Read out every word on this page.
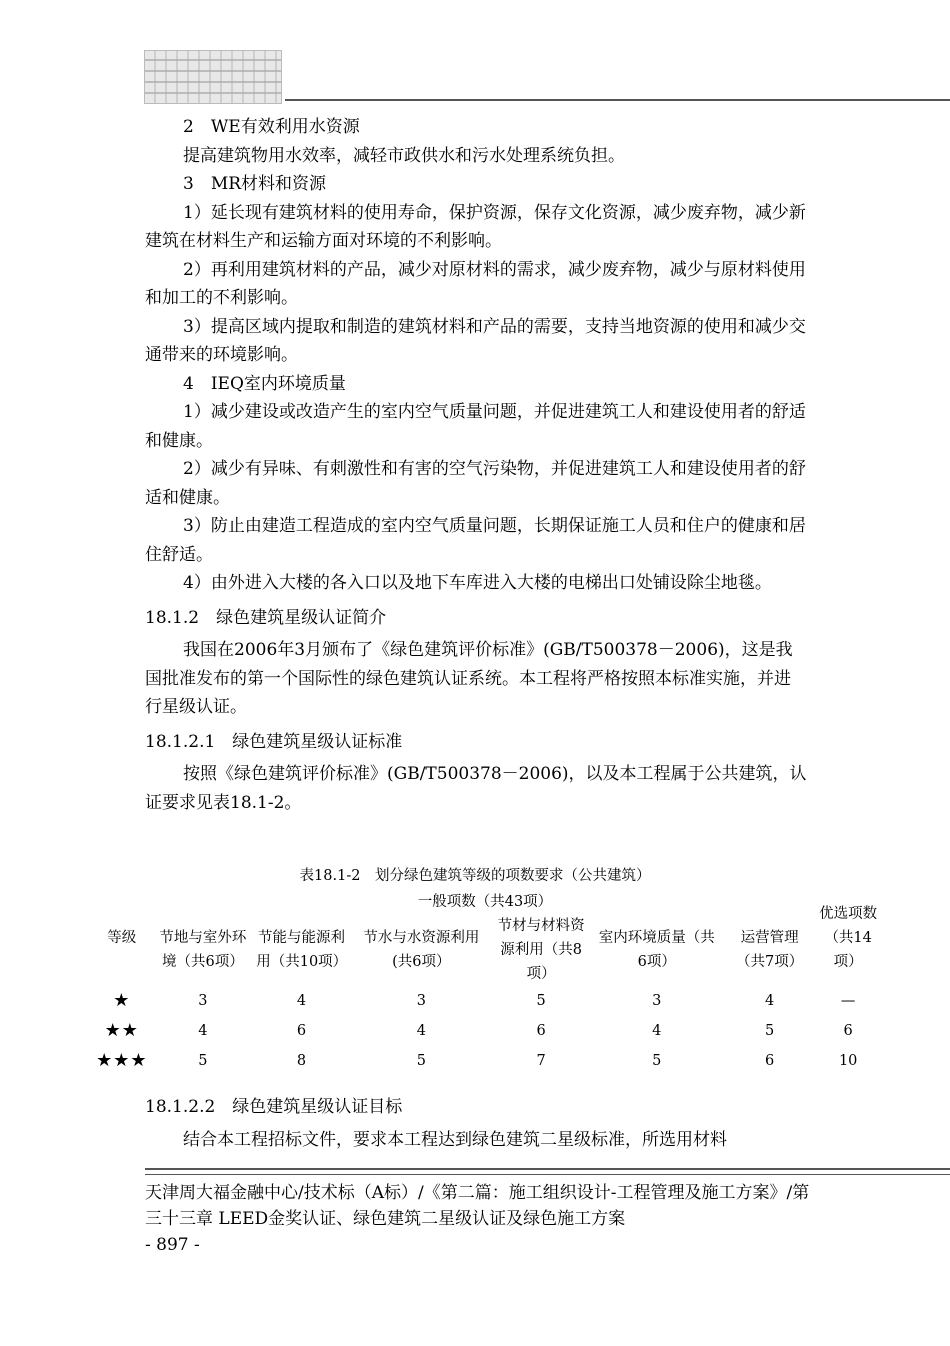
2　WE有效利用水资源

提高建筑物用水效率，减轻市政供水和污水处理系统负担。

3　MR材料和资源

1）延长现有建筑材料的使用寿命，保护资源，保存文化资源，减少废弃物，减少新建筑在材料生产和运输方面对环境的不利影响。

2）再利用建筑材料的产品，减少对原材料的需求，减少废弃物，减少与原材料使用和加工的不利影响。

3）提高区域内提取和制造的建筑材料和产品的需要，支持当地资源的使用和减少交通带来的环境影响。

4　IEQ室内环境质量

1）减少建设或改造产生的室内空气质量问题，并促进建筑工人和建设使用者的舒适和健康。

2）减少有异味、有刺激性和有害的空气污染物，并促进建筑工人和建设使用者的舒适和健康。

3）防止由建造工程造成的室内空气质量问题，长期保证施工人员和住户的健康和居住舒适。

4）由外进入大楼的各入口以及地下车库进入大楼的电梯出口处铺设除尘地毯。

18.1.2　绿色建筑星级认证简介

我国在2006年3月颁布了《绿色建筑评价标准》(GB/T500378－2006)，这是我国批准发布的第一个国际性的绿色建筑认证系统。本工程将严格按照本标准实施，并进行星级认证。

18.1.2.1　绿色建筑星级认证标准

按照《绿色建筑评价标准》(GB/T500378－2006)，以及本工程属于公共建筑，认证要求见表18.1-2。

表18.1-2　划分绿色建筑等级的项数要求（公共建筑）
等级	一般项数（共43项）						优选项数（共14项）
	节地与室外环境（共6项）	节能与能源利用（共10项）	节水与水资源利用(共6项）	节材与材料资源利用（共8项）	室内环境质量（共6项）	运营管理（共7项）	
★	3	4	3	5	3	4	—
★★	4	6	4	6	4	5	6
★★★	5	8	5	7	5	6	10
18.1.2.2　绿色建筑星级认证目标

结合本工程招标文件，要求本工程达到绿色建筑二星级标准，所选用材料

天津周大福金融中心/技术标（A标）/《第二篇：施工组织设计-工程管理及施工方案》/第三十三章 LEED金奖认证、绿色建筑二星级认证及绿色施工方案
- 897 -
